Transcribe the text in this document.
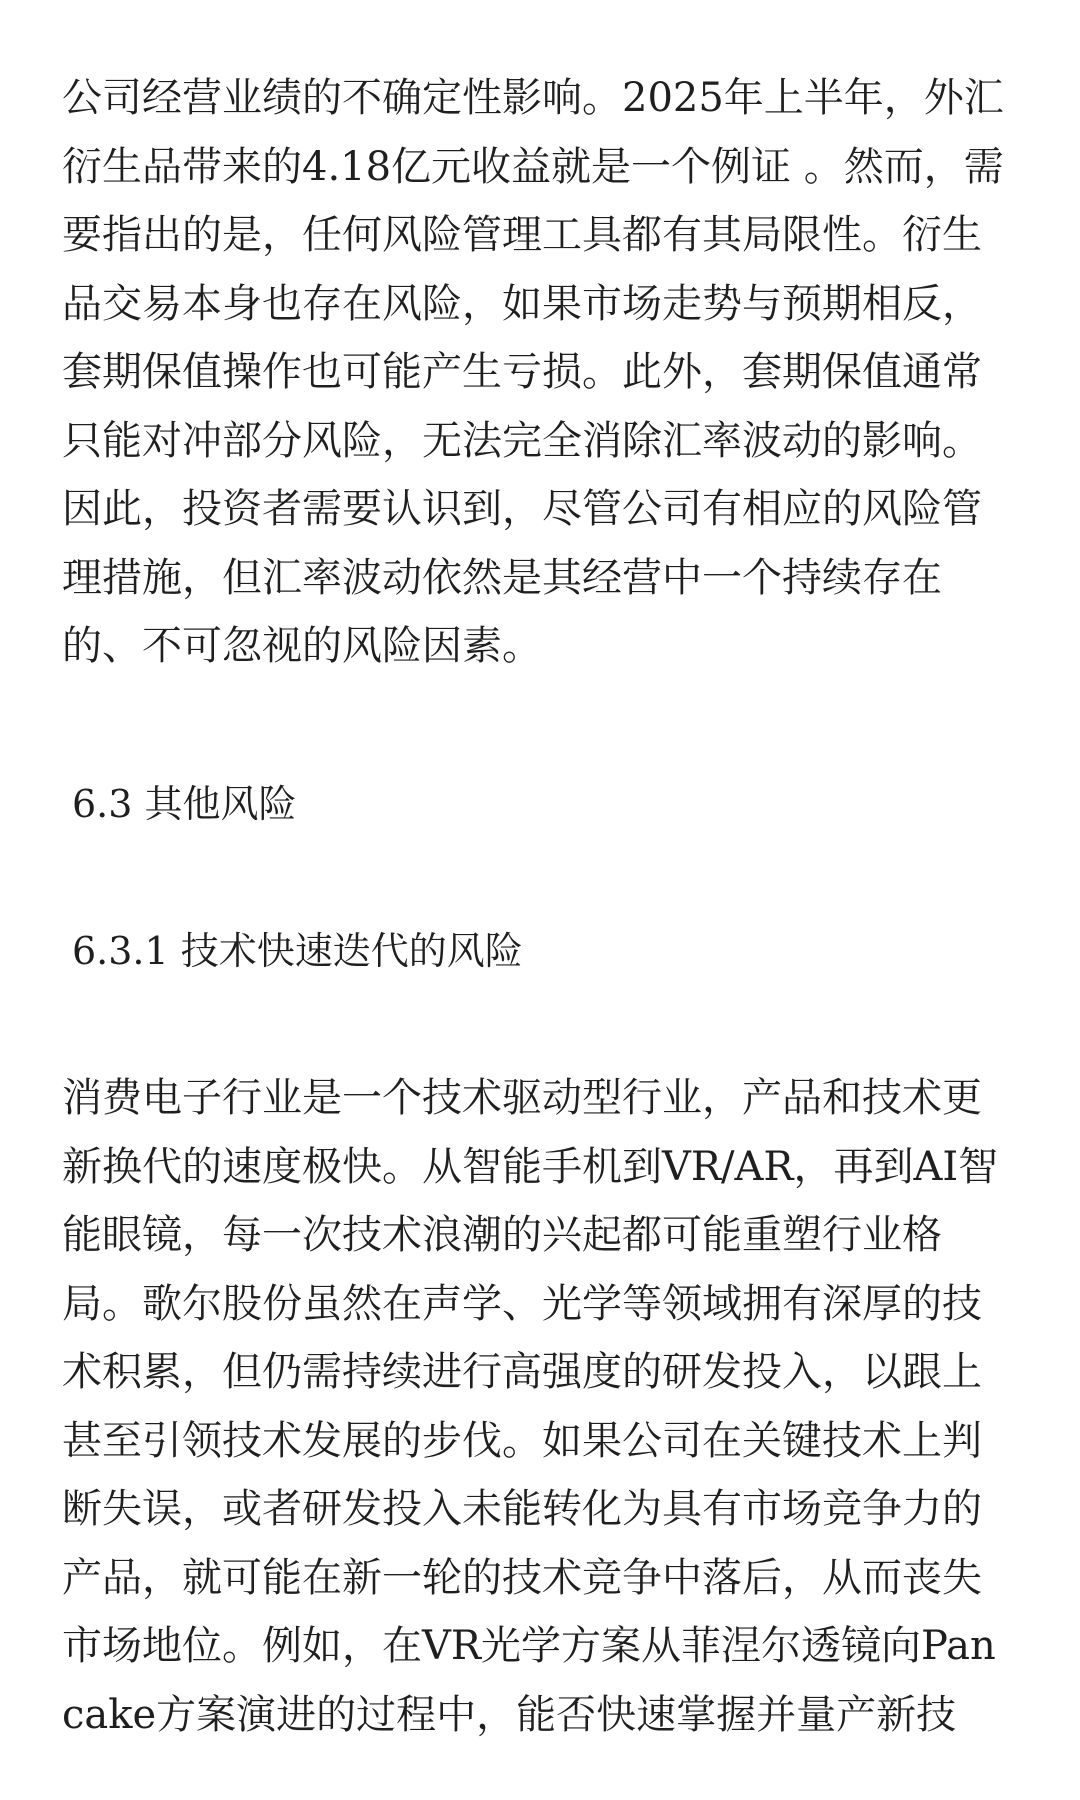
公司经营业绩的不确定性影响。2025年上半年，外汇
衍生品带来的4.18亿元收益就是一个例证 。然而，需
要指出的是，任何风险管理工具都有其局限性。衍生
品交易本身也存在风险，如果市场走势与预期相反，
套期保值操作也可能产生亏损。此外，套期保值通常
只能对冲部分风险，无法完全消除汇率波动的影响。
因此，投资者需要认识到，尽管公司有相应的风险管
理措施，但汇率波动依然是其经营中一个持续存在
的、不可忽视的风险因素。

6.3 其他风险
6.3.1 技术快速迭代的风险

消费电子行业是一个技术驱动型行业，产品和技术更
新换代的速度极快。从智能手机到VR/AR，再到AI智
能眼镜，每一次技术浪潮的兴起都可能重塑行业格
局。歌尔股份虽然在声学、光学等领域拥有深厚的技
术积累，但仍需持续进行高强度的研发投入，以跟上
甚至引领技术发展的步伐。如果公司在关键技术上判
断失误，或者研发投入未能转化为具有市场竞争力的
产品，就可能在新一轮的技术竞争中落后，从而丧失
市场地位。例如，在VR光学方案从菲涅尔透镜向Pan
cake方案演进的过程中，能否快速掌握并量产新技
